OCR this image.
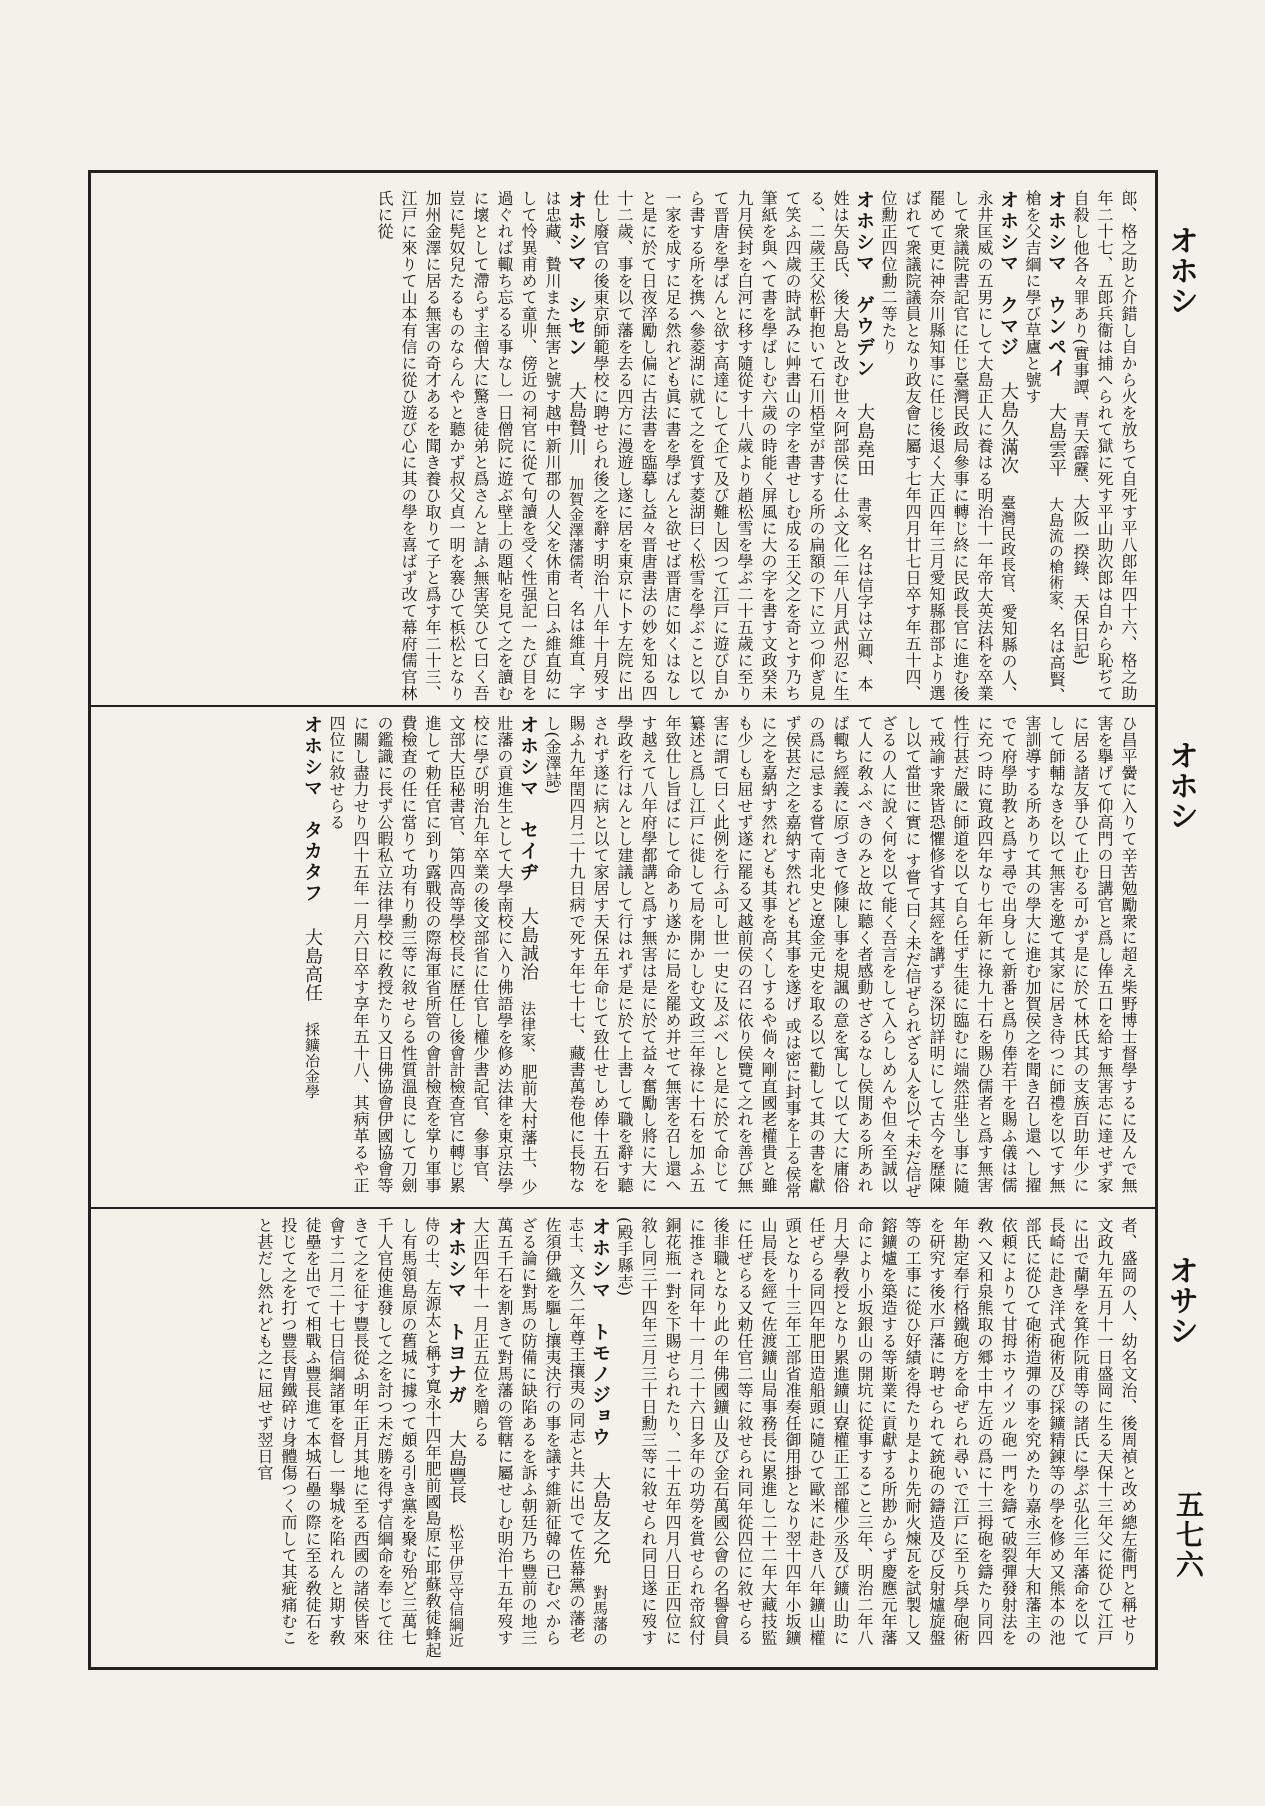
オホシ
オホシ
オサシ
五七六
郎、格之助と介錯し自から火を放ちて自死す平八郎年四十六、格之助年二十七、五郎兵衞は捕へられて獄に死す平山助次郎は自から恥ぢて自殺し他各々罪あり(實事譚、青天霹靂、大阪一揆錄、天保日記)
オホシマ　ウンペイ 大島雲平 大島流の槍術家、名は高賢、槍を父吉綱に學び草廬と號す
オホシマ　クマジ 大島久滿次 臺灣民政長官、愛知縣の人、永井匡威の五男にして大島正人に養はる明治十一年帝大英法科を卒業して衆議院書記官に任じ臺灣民政局參事に轉じ終に民政長官に進む後罷めて更に神奈川縣知事に任じ後退く大正四年三月愛知縣郡部より選ばれて衆議院議員となり政友會に屬す七年四月廿七日卒す年五十四、位勳正四位勳二等たり
オホシマ　ゲウデン 大島堯田 書家、名は信字は立卿、本姓は矢島氏、後大島と改む世々阿部侯に仕ふ文化二年八月武州忍に生る、二歲王父松軒抱いて石川梧堂が書する所の扁額の下に立つ仰ぎ見て笑ふ四歲の時試みに艸書山の字を書せしむ成る王父之を奇とす乃ち筆紙を與へて書を學ばしむ六歲の時能く屏風に大の字を書す文政癸未九月侯封を白河に移す隨從す十八歲より趙松雪を學ぶ二十五歲に至りて晋唐を學ばんと欲す高達にして企て及び難し因つて江戸に遊び自から書する所を携へ參菱湖に就て之を質す菱湖曰く松雪を學ぶこと以て一家を成すに足る然れども眞に書を學ばんと欲せば晋唐に如くはなしと是に於て日夜淬勵し偏に古法書を臨摹し益々晋唐書法の妙を知る四十二歲、事を以て藩を去る四方に漫遊し遂に居を東京に卜す左院に出仕し廢官の後東京師範學校に聘せられ後之を辭す明治十八年十月歿す
オホシマ　シセン 大島贄川 加賀金澤藩儒者、名は維直、字は忠藏、贄川また無害と號す越中新川郡の人父を休甫と曰ふ維直幼にして怜異甫めて童丱、傍近の祠官に從て句讀を受く性强記一たび目を過ぐれば輙ち忘るる事なし一日僧院に遊ぶ壁上の題帖を見て之を讀むに壞として滯らず主僧大に驚き徒弟と爲さんと請ふ無害笑ひて曰く吾豈に髡奴兒たるものならんやと聽かず叔父貞一明を褰ひて梹松となり加州金澤に居る無害の奇才あるを聞き養ひ取りて子と爲す年二十三、江戸に來りて山本有信に從ひ遊び心に其の學を喜ばず改て幕府儒官林氏に從
ひ昌平黌に入りて辛苦勉勵衆に超え柴野博士督學するに及んで無害を擧げて仰高門の日講官と爲し俸五口を給す無害志に達せず家に居る諸友爭ひて止むる可かず是に於て林氏其の支族百助年少にして師輔なきを以て無害を邀て其家に居き待つに師禮を以てす無害訓導する所ありて其の學大に進む加賀侯之を聞き召し還へし擢でて府學助教と爲す尋で出身して新番と爲り俸若干を賜ふ儀は儒に充つ時に寬政四年なり七年新に祿九十石を賜ひ儒者と爲す無害性行甚だ嚴に師道を以て自ら任ず生徒に臨むに端然莊坐し事に隨て戒諭す衆皆恐懼修省す其經を講ずる深切詳明にして古今を歷陳し以て當世に實に す嘗て曰く未だ信ぜられざる人を以て未だ信ぜざるの人に說く何を以て能く吾言をして入らしめんや但々至誠以て人に敎ふべきのみと故に聽く者感動せざるなし侯閒ある所あれば輙ち經義に原づきて修陳し事を規諷の意を寓して以て大に庸俗の爲に忌まる嘗て南北史と遼金元史を取る以て勸して其の書を獻ず侯甚だ之を嘉納す然れども其事を遂げ 或は密に封事を上る侯常に之を嘉納す然れども其事を高くしするや倘々剛直國老權貴と雖も少しも屈せず遂に罷る又越前侯の召に依り侯覽て之れを善び無害に謂て曰く此例を行ふ可し世一史に及ぶべしと是に於て命じて纂述と爲し江戸に徙して局を開かしむ文政三年祿に十石を加ふ五年致仕し旨ばにして命あり遂かに局を罷め并せて無害を召し還へす越えて八年府學都講と爲す無害は是に於て益々奮勵し將に大に學政を行はんとし建議して行はれず是に於て上書して職を辭す聽されず遂に病と以て家居す天保五年命じて致仕せしめ俸十五石を賜ふ九年閏四月二十九日病で死す年七十七、藏書萬卷他に長物なし(金澤誌)
オホシマ　セイヂ 大島誠治 法律家、肥前大村藩士、少壯藩の貢進生として大學南校に入り佛語學を修め法律を東京法學校に學び明治九年卒業の後文部省に仕官し權少書記官、參事官、文部大臣秘書官、第四高等學校長に歷任し後會計檢查官に轉じ累進して勅任官に到り露戰役の際海軍省所管の會計檢査を掌り軍事費檢査の任に當りて功有り勳三等に敘せらる性質溫良にして刀劍の鑑識に長ず公暇私立法律學校に敎授たり又日佛協會伊國協會等に關し盡力せり四十五年一月六日卒す享年五十八、其病革るや正四位に敘せらる
オホシマ　タカタフ 大島高任 採鑛冶金學
者、盛岡の人、幼名文治、後周禎と改め總左衞門と稱せり文政九年五月十一日盛岡に生る天保十三年父に從ひて江戸に出で蘭學を箕作阮甫等の諸氏に學ぶ弘化三年藩命を以て長崎に赴き洋式砲術及び採鑛精鍊等の學を修め又熊本の池部氏に從ひて砲術造彈の事を究めたり嘉永三年大和藩主の依頼によりて甘拇ホウイツル砲一門を鑄て破裂彈發射法を敎へ又和泉熊取の郷士中左近の爲に十三拇砲を鑄たり同四年勘定奉行格鐵砲方を命ぜられ尋いで江戸に至り兵學砲術を研究す後水戸藩に聘せられて銃砲の鑄造及び反射爐旋盤等の工事に從ひ好績を得たり是より先耐火煉瓦を試製し又鎔鑛爐を築造する等斯業に貢獻する所尠からず慶應元年藩命により小坂銀山の開坑に從事すること三年、明治二年八月大學敎授となり累進鑛山寮權正工部權少丞及び鑛山助に任ぜらる同四年肥田造船頭に隨ひて歐米に赴き八年鑛山權頭となり十三年工部省准奏任御用掛となり翌十四年小坂鑛山局長を經て佐渡鑛山局事務長に累進し二十二年大藏技監に任ぜらる又勅任官二等に敘せられ同年從四位に敘せらる後非職となり此の年佛國鑛山及び金石萬國公會の名譽會員に推され同年十一月二十六日多年の功勞を賞せられ帝紋付銅花瓶一對を下賜せられたり、二十五年四月八日正四位に敘し同三十四年三月三十日勳三等に敘せられ同日遂に歿す(殿手縣志)
オホシマ　トモノジョウ 大島友之允 對馬藩の志士、文久二年尊王攘夷の同志と共に出でて佐幕黨の藩老佐須伊織を驅し攘夷決行の事を議す維新征韓の已むべからざる論に對馬の防備に缺陷あるを訴ふ朝廷乃ち豐前の地三萬五千石を割きて對馬藩の管轄に屬せしむ明治十五年歿す大正四年十一月正五位を贈らる
オホシマ　トヨナガ 大島豐長 松平伊豆守信綱近侍の士、左源太と稱す寬永十四年肥前國島原に耶蘇敎徒蜂起し有馬領島原の舊城に據つて頗る引き黨を聚む殆ど三萬七千人官使進發して之を討つ未だ勝を得ず信綱命を奉じて往きて之を征す豐長從ふ明年正月其地に至る西國の諸侯皆來會す二月二十七日信綱諸軍を督し一擧城を陷れんと期す敎徒壘を出でて相戰ふ豐長進て本城石壘の際に至る敎徒石を投じて之を打つ豐長胄鐵碎け身體傷つく而して其疵痛むこと甚だし然れども之に屈せず翌日官
